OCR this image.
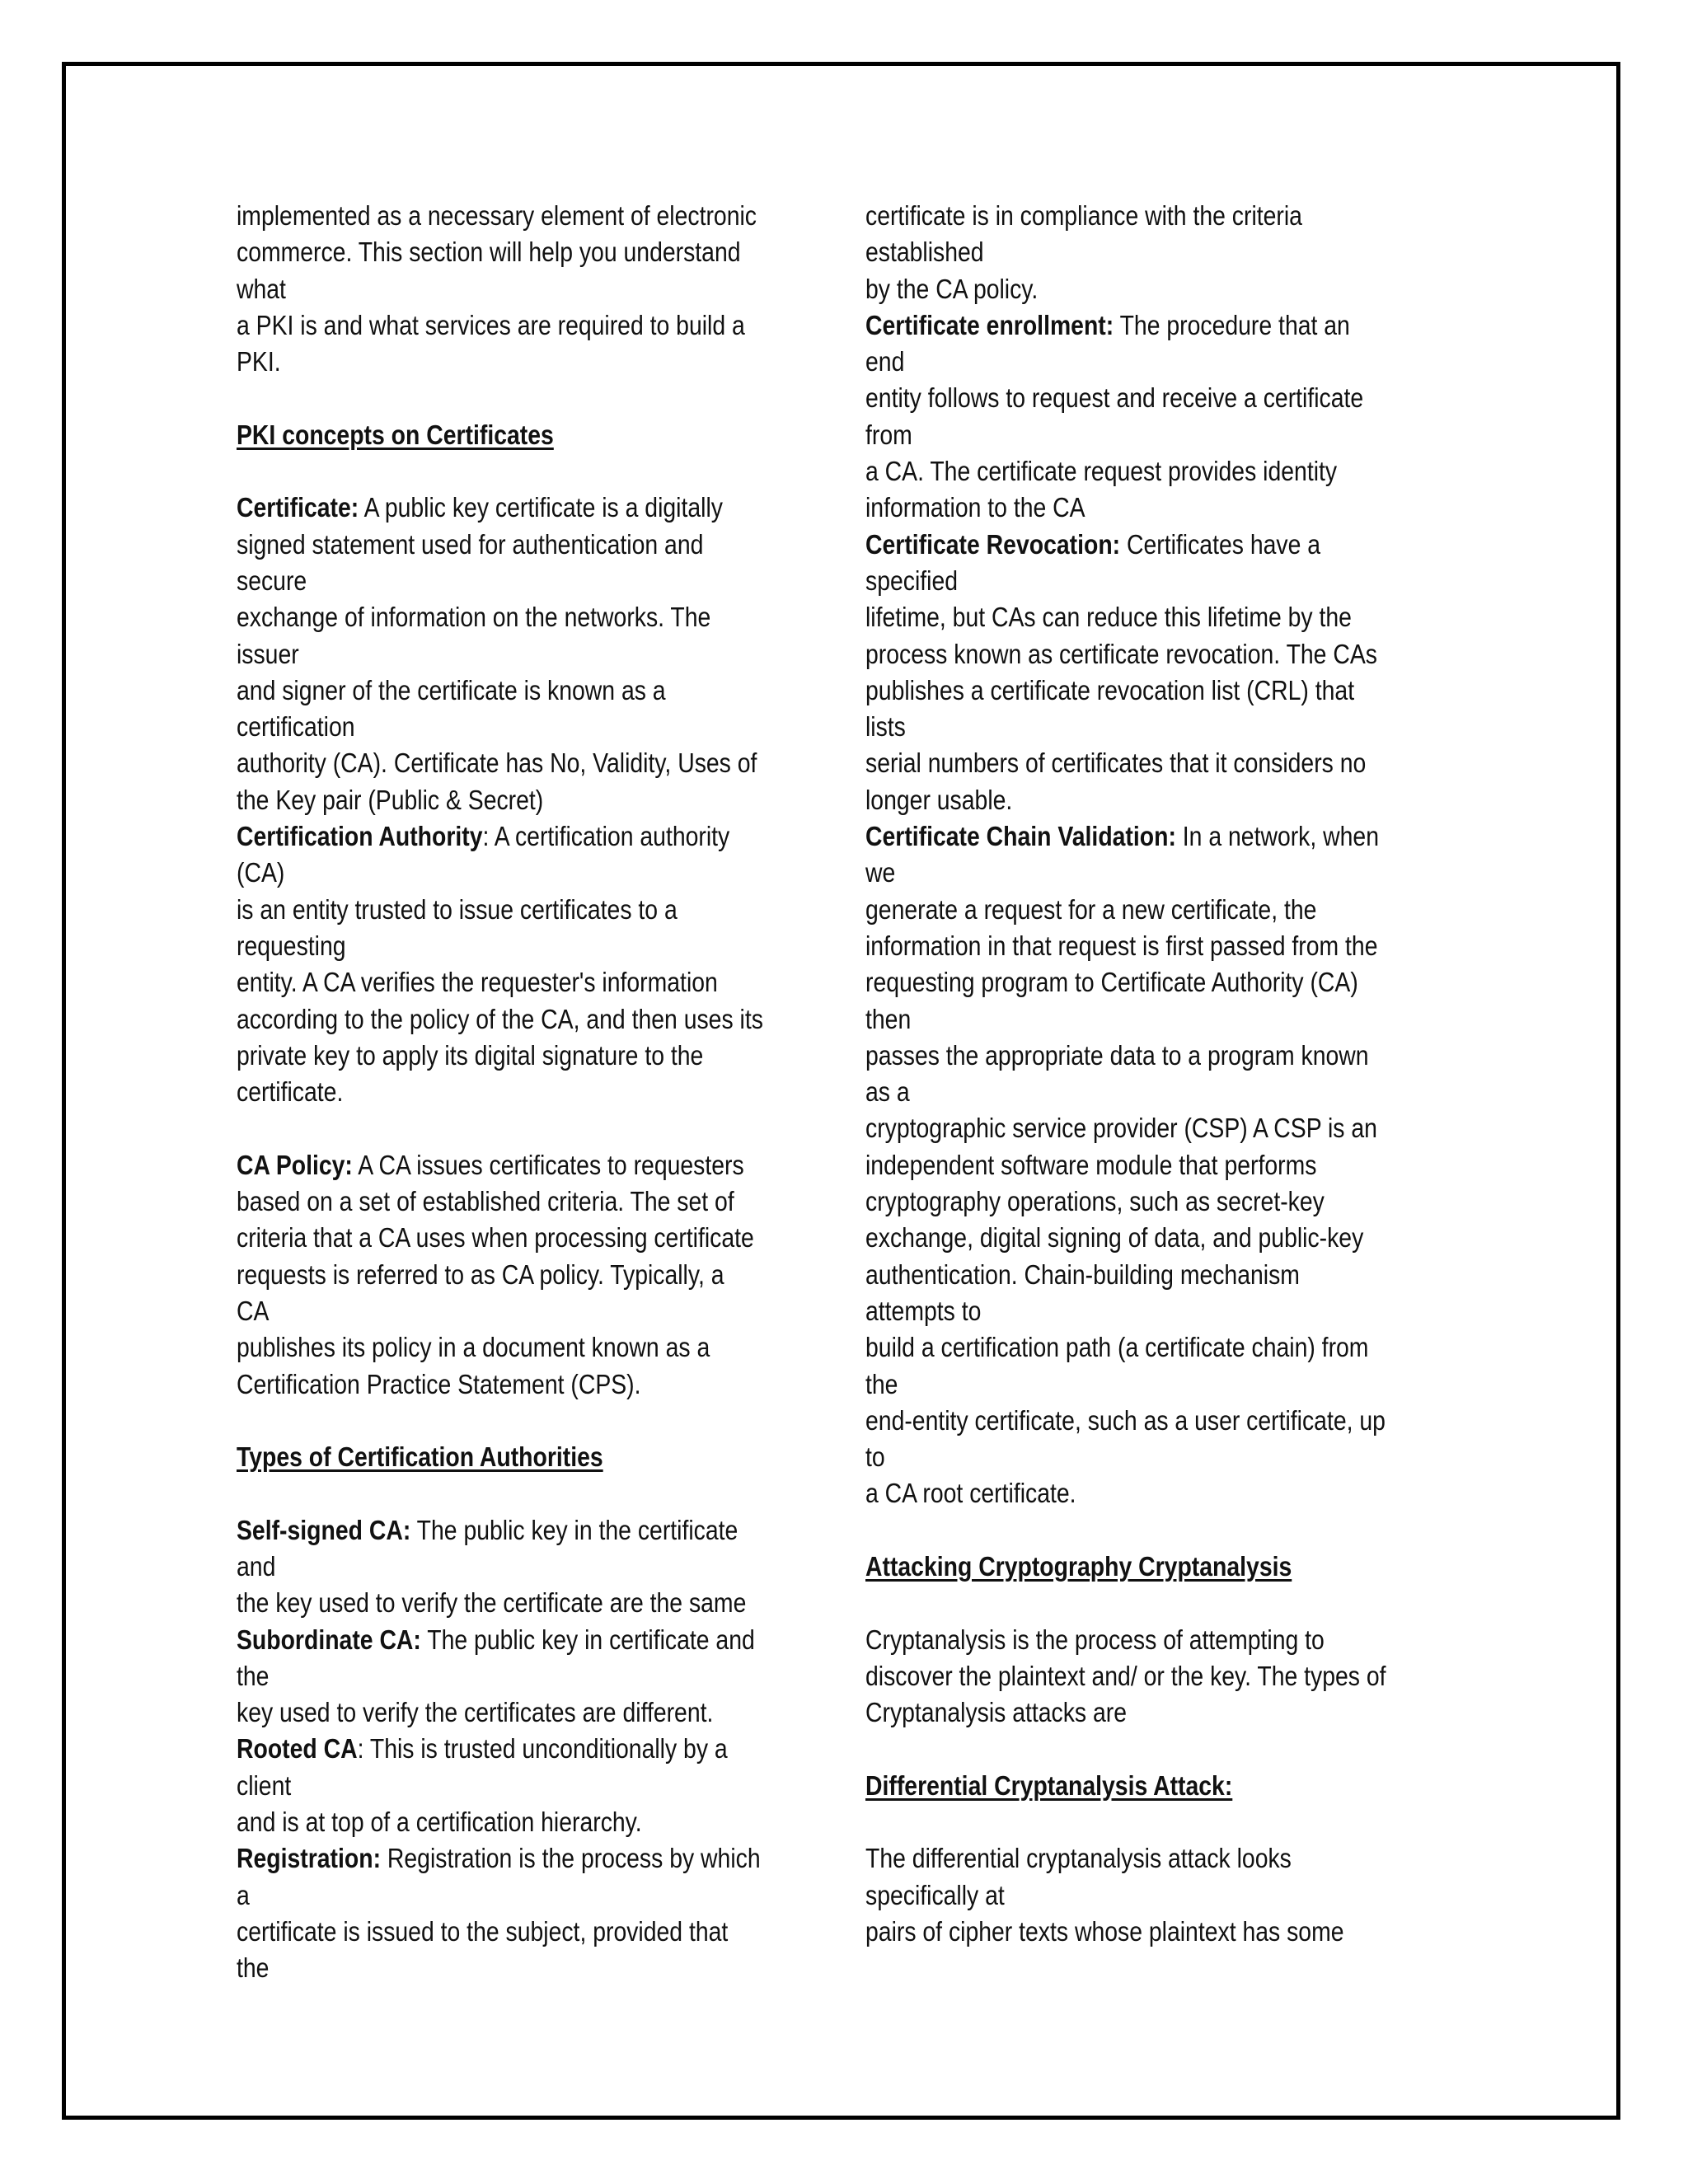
implemented as a necessary element of electronic
commerce. This section will help you understand
what
a PKI is and what services are required to build a
PKI.
PKI concepts on Certificates
Certificate: A public key certificate is a digitally
signed statement used for authentication and
secure
exchange of information on the networks. The
issuer
and signer of the certificate is known as a
certification
authority (CA). Certificate has No, Validity, Uses of
the Key pair (Public & Secret)
Certification Authority: A certification authority
(CA)
is an entity trusted to issue certificates to a
requesting
entity. A CA verifies the requester's information
according to the policy of the CA, and then uses its
private key to apply its digital signature to the
certificate.
CA Policy: A CA issues certificates to requesters
based on a set of established criteria. The set of
criteria that a CA uses when processing certificate
requests is referred to as CA policy. Typically, a
CA
publishes its policy in a document known as a
Certification Practice Statement (CPS).
Types of Certification Authorities
Self-signed CA: The public key in the certificate
and
the key used to verify the certificate are the same
Subordinate CA: The public key in certificate and
the
key used to verify the certificates are different.
Rooted CA: This is trusted unconditionally by a
client
and is at top of a certification hierarchy.
Registration: Registration is the process by which
a
certificate is issued to the subject, provided that
the
certificate is in compliance with the criteria
established
by the CA policy.
Certificate enrollment: The procedure that an
end
entity follows to request and receive a certificate
from
a CA. The certificate request provides identity
information to the CA
Certificate Revocation: Certificates have a
specified
lifetime, but CAs can reduce this lifetime by the
process known as certificate revocation. The CAs
publishes a certificate revocation list (CRL) that
lists
serial numbers of certificates that it considers no
longer usable.
Certificate Chain Validation: In a network, when
we
generate a request for a new certificate, the
information in that request is first passed from the
requesting program to Certificate Authority (CA)
then
passes the appropriate data to a program known
as a
cryptographic service provider (CSP) A CSP is an
independent software module that performs
cryptography operations, such as secret-key
exchange, digital signing of data, and public-key
authentication. Chain-building mechanism
attempts to
build a certification path (a certificate chain) from
the
end-entity certificate, such as a user certificate, up
to
a CA root certificate.
Attacking Cryptography Cryptanalysis
Cryptanalysis is the process of attempting to
discover the plaintext and/ or the key. The types of
Cryptanalysis attacks are
Differential Cryptanalysis Attack:
The differential cryptanalysis attack looks
specifically at
pairs of cipher texts whose plaintext has some
